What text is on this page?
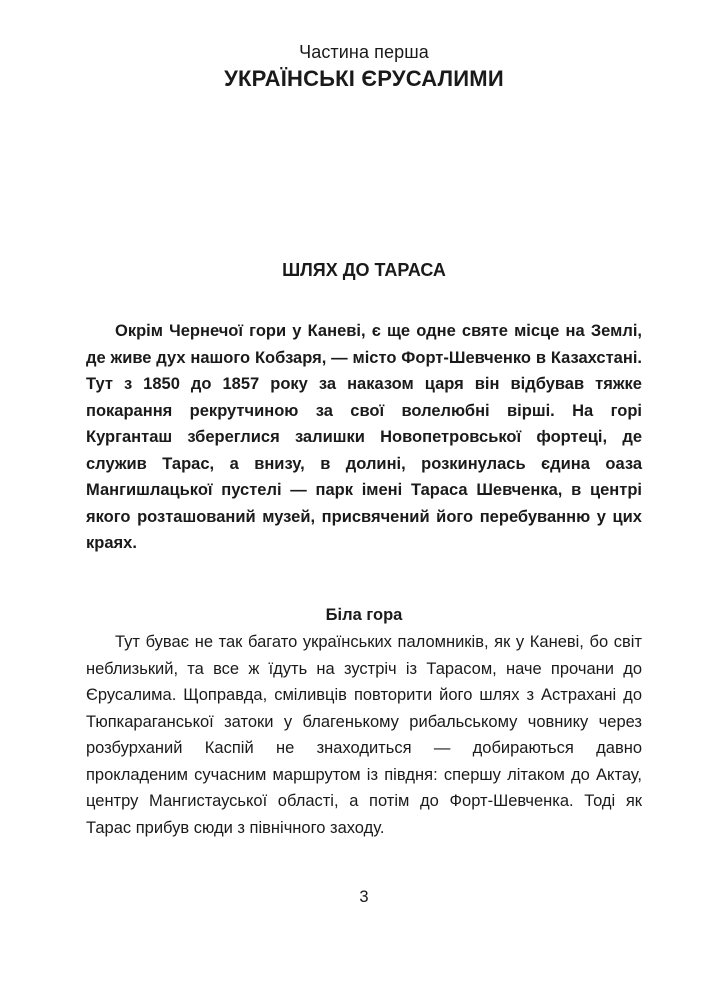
Частина перша
УКРАЇНСЬКІ ЄРУСАЛИМИ
ШЛЯХ ДО ТАРАСА

Окрім Чернечої гори у Каневі, є ще одне святе місце на Землі, де живе дух нашого Кобзаря, — місто Форт-Шевченко в Казахстані. Тут з 1850 до 1857 року за наказом царя він відбував тяжке покарання рекрутчиною за свої волелюбні вірші. На горі Курганташ збереглися залишки Новопетровської фортеці, де служив Тарас, а внизу, в долині, розкинулась єдина оаза Мангишлацької пустелі — парк імені Тараса Шевченка, в центрі якого розташований музей, присвячений його перебуванню у цих краях.

Біла гора

Тут буває не так багато українських паломників, як у Каневі, бо світ неблизький, та все ж їдуть на зустріч із Тарасом, наче прочани до Єрусалима. Щоправда, сміливців повторити його шлях з Астрахані до Тюпкараганської затоки у благенькому рибальському човнику через розбурханий Каспій не знаходиться — добираються давно прокладеним сучасним маршрутом із півдня: спершу літаком до Актау, центру Мангистауської області, а потім до Форт-Шевченка. Тоді як Тарас прибув сюди з північного заходу.

3
